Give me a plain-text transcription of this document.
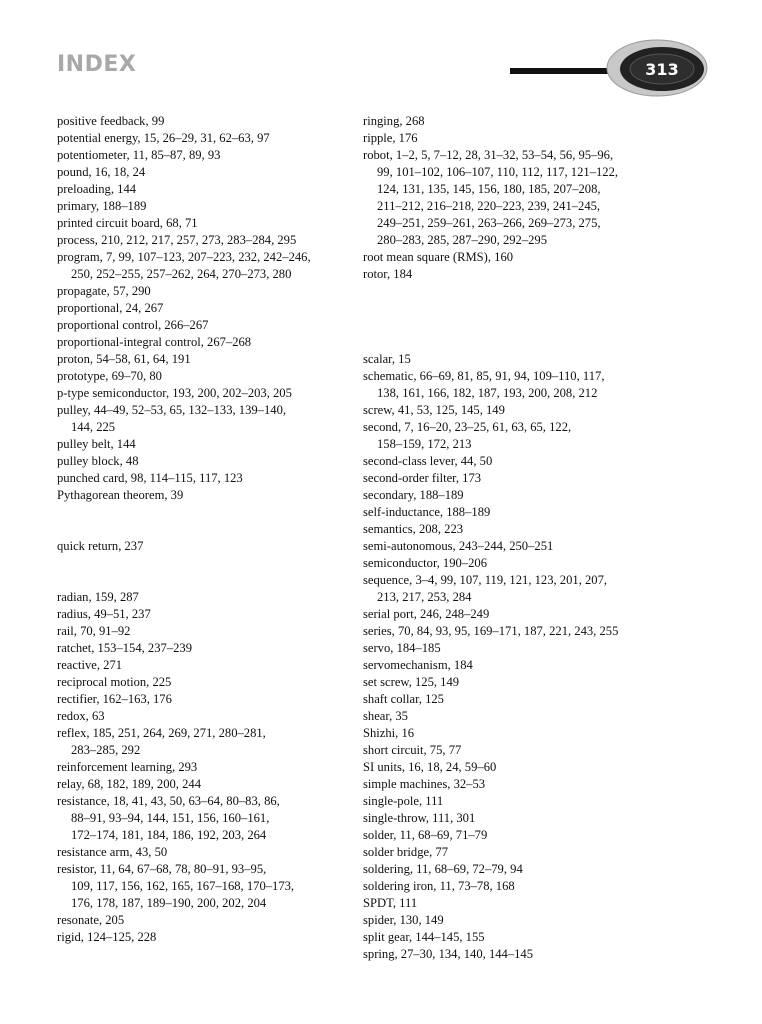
INDEX	313
positive feedback, 99
potential energy, 15, 26–29, 31, 62–63, 97
potentiometer, 11, 85–87, 89, 93
pound, 16, 18, 24
preloading, 144
primary, 188–189
printed circuit board, 68, 71
process, 210, 212, 217, 257, 273, 283–284, 295
program, 7, 99, 107–123, 207–223, 232, 242–246,
250, 252–255, 257–262, 264, 270–273, 280
propagate, 57, 290
proportional, 24, 267
proportional control, 266–267
proportional-integral control, 267–268
proton, 54–58, 61, 64, 191
prototype, 69–70, 80
p-type semiconductor, 193, 200, 202–203, 205
pulley, 44–49, 52–53, 65, 132–133, 139–140,
144, 225
pulley belt, 144
pulley block, 48
punched card, 98, 114–115, 117, 123
Pythagorean theorem, 39
quick return, 237
radian, 159, 287
radius, 49–51, 237
rail, 70, 91–92
ratchet, 153–154, 237–239
reactive, 271
reciprocal motion, 225
rectifier, 162–163, 176
redox, 63
reflex, 185, 251, 264, 269, 271, 280–281,
283–285, 292
reinforcement learning, 293
relay, 68, 182, 189, 200, 244
resistance, 18, 41, 43, 50, 63–64, 80–83, 86,
88–91, 93–94, 144, 151, 156, 160–161,
172–174, 181, 184, 186, 192, 203, 264
resistance arm, 43, 50
resistor, 11, 64, 67–68, 78, 80–91, 93–95,
109, 117, 156, 162, 165, 167–168, 170–173,
176, 178, 187, 189–190, 200, 202, 204
resonate, 205
rigid, 124–125, 228
ringing, 268
ripple, 176
robot, 1–2, 5, 7–12, 28, 31–32, 53–54, 56, 95–96,
99, 101–102, 106–107, 110, 112, 117, 121–122,
124, 131, 135, 145, 156, 180, 185, 207–208,
211–212, 216–218, 220–223, 239, 241–245,
249–251, 259–261, 263–266, 269–273, 275,
280–283, 285, 287–290, 292–295
root mean square (RMS), 160
rotor, 184
scalar, 15
schematic, 66–69, 81, 85, 91, 94, 109–110, 117,
138, 161, 166, 182, 187, 193, 200, 208, 212
screw, 41, 53, 125, 145, 149
second, 7, 16–20, 23–25, 61, 63, 65, 122,
158–159, 172, 213
second-class lever, 44, 50
second-order filter, 173
secondary, 188–189
self-inductance, 188–189
semantics, 208, 223
semi-autonomous, 243–244, 250–251
semiconductor, 190–206
sequence, 3–4, 99, 107, 119, 121, 123, 201, 207,
213, 217, 253, 284
serial port, 246, 248–249
series, 70, 84, 93, 95, 169–171, 187, 221, 243, 255
servo, 184–185
servomechanism, 184
set screw, 125, 149
shaft collar, 125
shear, 35
Shizhi, 16
short circuit, 75, 77
SI units, 16, 18, 24, 59–60
simple machines, 32–53
single-pole, 111
single-throw, 111, 301
solder, 11, 68–69, 71–79
solder bridge, 77
soldering, 11, 68–69, 72–79, 94
soldering iron, 11, 73–78, 168
SPDT, 111
spider, 130, 149
split gear, 144–145, 155
spring, 27–30, 134, 140, 144–145
